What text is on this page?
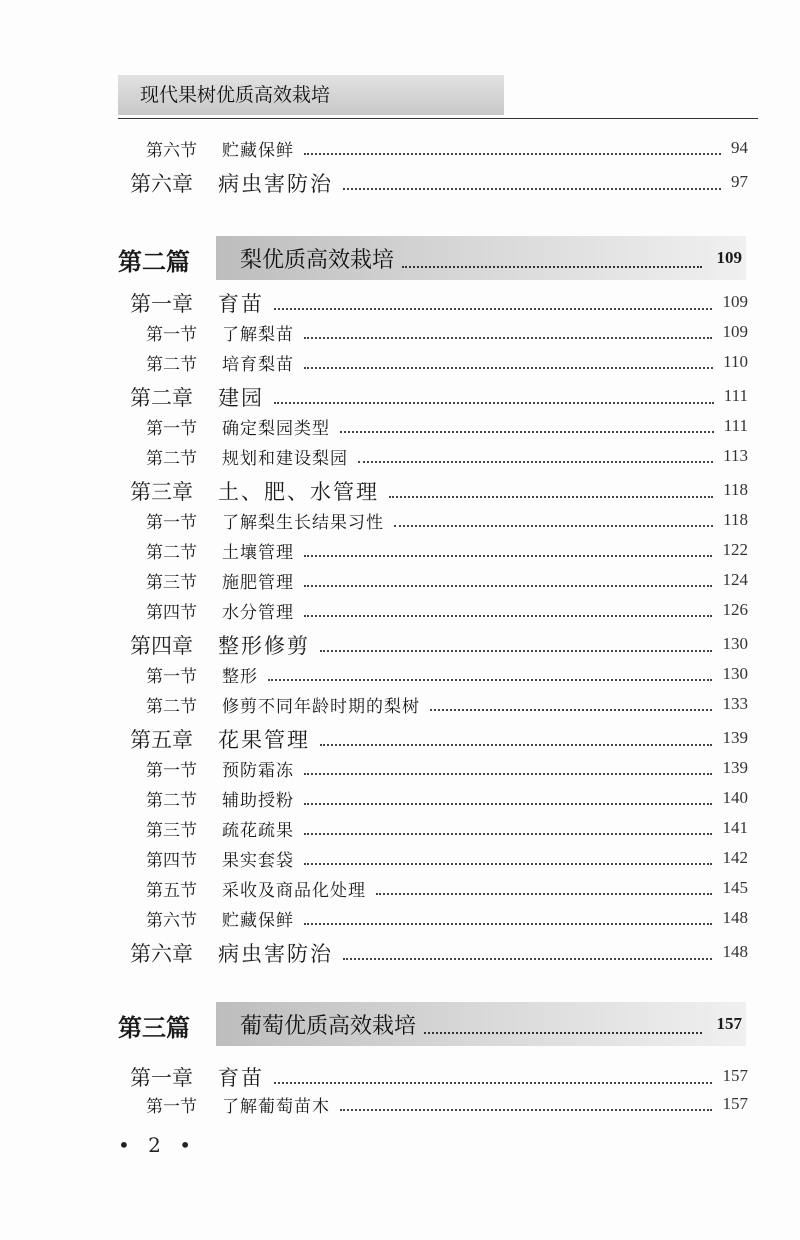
现代果树优质高效栽培
第六节 贮藏保鲜	94
第六章 病虫害防治	97
第二篇 梨优质高效栽培	109
第一章 育苗	109
第一节 了解梨苗	109
第二节 培育梨苗	110
第二章 建园	111
第一节 确定梨园类型	111
第二节 规划和建设梨园	113
第三章 土、肥、水管理	118
第一节 了解梨生长结果习性	118
第二节 土壤管理	122
第三节 施肥管理	124
第四节 水分管理	126
第四章 整形修剪	130
第一节 整形	130
第二节 修剪不同年龄时期的梨树	133
第五章 花果管理	139
第一节 预防霜冻	139
第二节 辅助授粉	140
第三节 疏花疏果	141
第四节 果实套袋	142
第五节 采收及商品化处理	145
第六节 贮藏保鲜	148
第六章 病虫害防治	148
第三篇 葡萄优质高效栽培	157
第一章 育苗	157
第一节 了解葡萄苗木	157
• 2 •
